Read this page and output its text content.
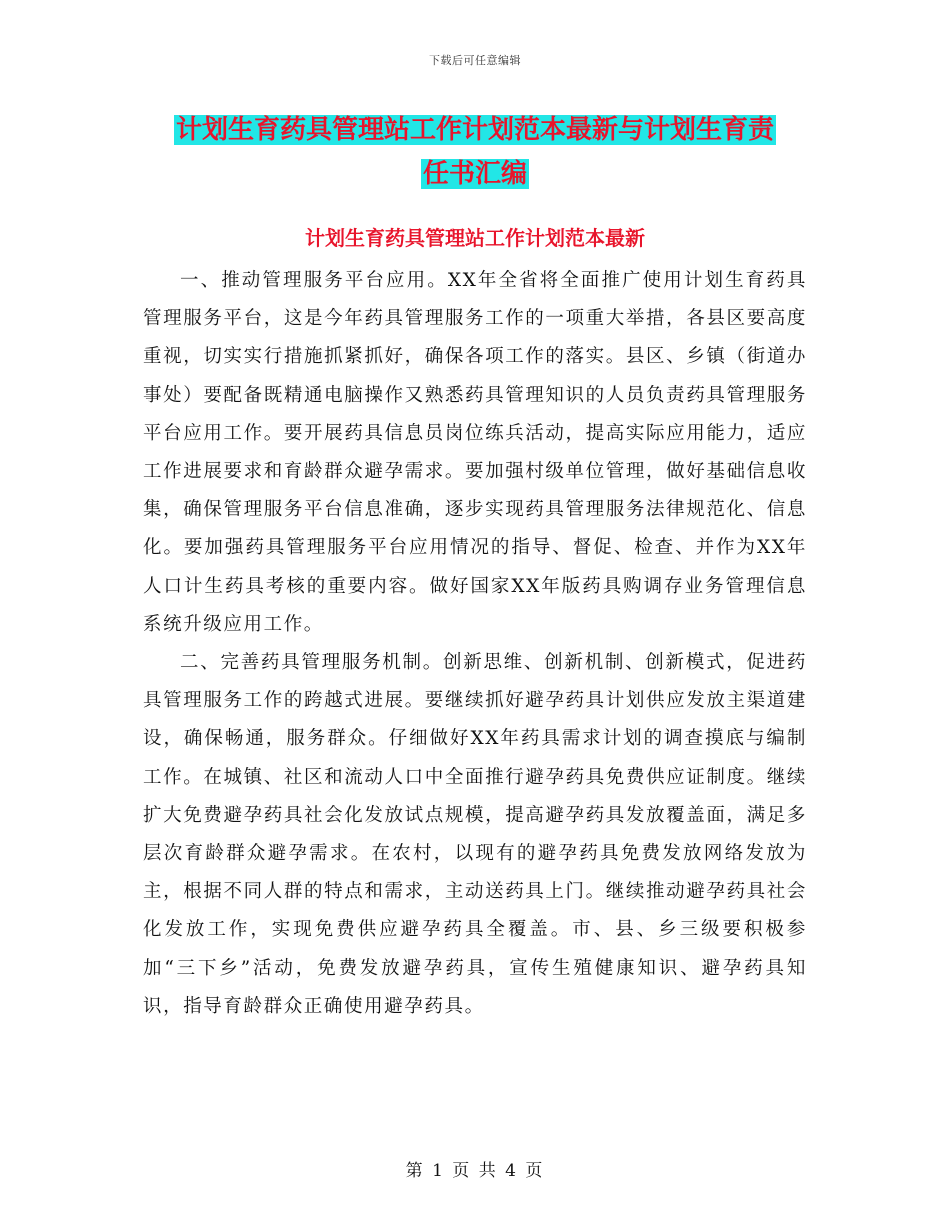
下载后可任意编辑
计划生育药具管理站工作计划范本最新与计划生育责
任书汇编
计划生育药具管理站工作计划范本最新

一、推动管理服务平台应用。XX年全省将全面推广使用计划生育药具管理服务平台，这是今年药具管理服务工作的一项重大举措，各县区要高度重视，切实实行措施抓紧抓好，确保各项工作的落实。县区、乡镇（街道办事处）要配备既精通电脑操作又熟悉药具管理知识的人员负责药具管理服务平台应用工作。要开展药具信息员岗位练兵活动，提高实际应用能力，适应工作进展要求和育龄群众避孕需求。要加强村级单位管理，做好基础信息收集，确保管理服务平台信息准确，逐步实现药具管理服务法律规范化、信息化。要加强药具管理服务平台应用情况的指导、督促、检查、并作为XX年人口计生药具考核的重要内容。做好国家XX年版药具购调存业务管理信息系统升级应用工作。

二、完善药具管理服务机制。创新思维、创新机制、创新模式，促进药具管理服务工作的跨越式进展。要继续抓好避孕药具计划供应发放主渠道建设，确保畅通，服务群众。仔细做好XX年药具需求计划的调查摸底与编制工作。在城镇、社区和流动人口中全面推行避孕药具免费供应证制度。继续扩大免费避孕药具社会化发放试点规模，提高避孕药具发放覆盖面，满足多层次育龄群众避孕需求。在农村，以现有的避孕药具免费发放网络发放为主，根据不同人群的特点和需求，主动送药具上门。继续推动避孕药具社会化发放工作，实现免费供应避孕药具全覆盖。市、县、乡三级要积极参加“三下乡”活动，免费发放避孕药具，宣传生殖健康知识、避孕药具知识，指导育龄群众正确使用避孕药具。

第 1 页 共 4 页
